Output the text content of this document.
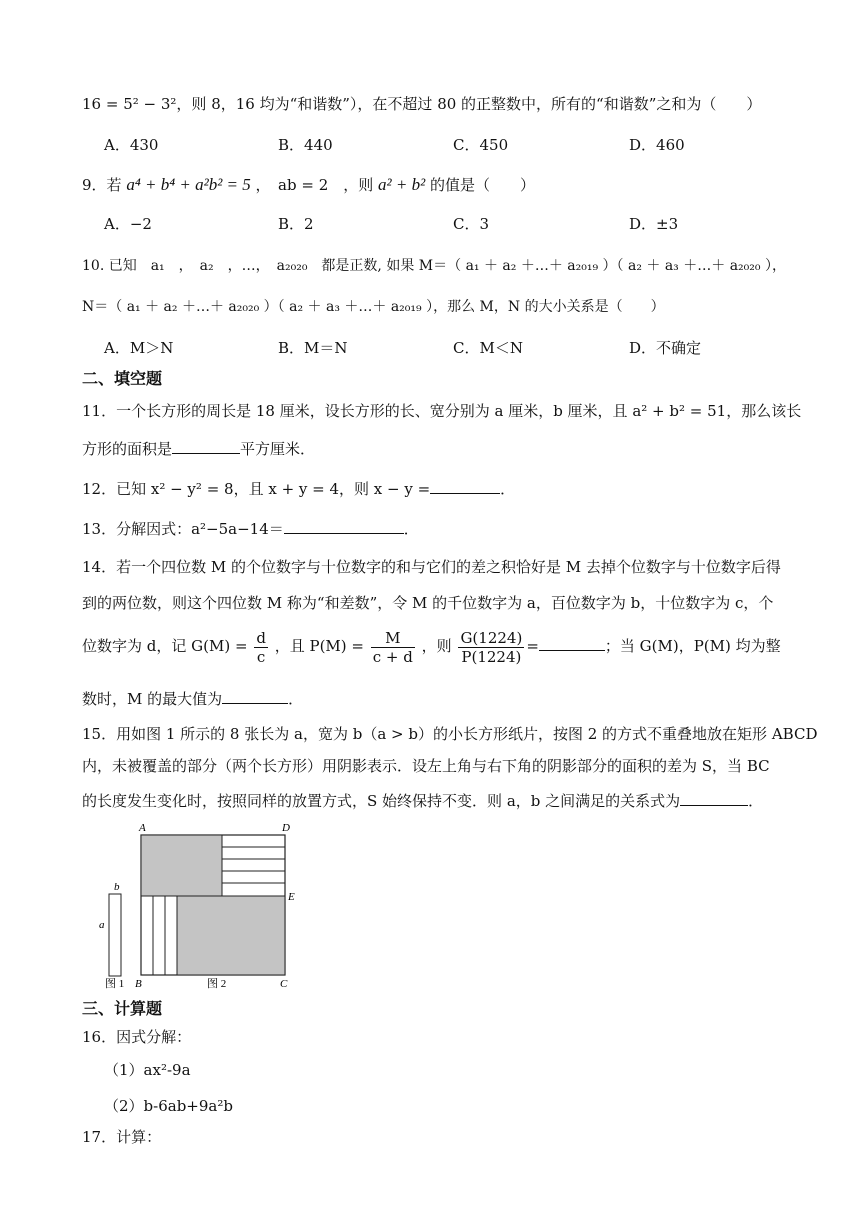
16 = 5² − 3²，则 8，16 均为“和谐数”），在不超过 80 的正整数中，所有的“和谐数”之和为（　　）
A．430	B．440	C．450	D．460
9．若 a⁴ + b⁴ + a²b² = 5 ，　ab = 2　，则 a² + b² 的值是（　　）
A．−2	B．2	C．3	D．±3
10. 已知　a₁　，　a₂　，…，　a₂₀₂₀　都是正数, 如果 M＝（ a₁ ＋ a₂ ＋…＋ a₂₀₁₉ ）（ a₂ ＋ a₃ ＋…＋ a₂₀₂₀ ），
N＝（ a₁ ＋ a₂ ＋…＋ a₂₀₂₀ ）（ a₂ ＋ a₃ ＋…＋ a₂₀₁₉ ），那么 M，N 的大小关系是（　　）
A．M＞N	B．M＝N	C．M＜N	D．不确定
二、填空题
11．一个长方形的周长是 18 厘米，设长方形的长、宽分别为 a 厘米，b 厘米，且 a² + b² = 51，那么该长
方形的面积是	平方厘米．
12．已知 x² − y² = 8，且 x + y = 4，则 x − y =	．
13．分解因式：a²−5a−14＝	．
14．若一个四位数 M 的个位数字与十位数字的和与它们的差之积恰好是 M 去掉个位数字与十位数字后得
到的两位数，则这个四位数 M 称为“和差数”，令 M 的千位数字为 a，百位数字为 b，十位数字为 c，个
位数字为 d，记 $G(M) = \frac{d}{c}$ ，且 $P(M) = \frac{M}{c + d}$ ，则 $\frac{G(1224)}{P(1224)}$ =	；当 G(M)，P(M) 均为整
数时，M 的最大值为	．
15．用如图 1 所示的 8 张长为 a，宽为 b（a > b）的小长方形纸片，按图 2 的方式不重叠地放在矩形 ABCD
内，未被覆盖的部分（两个长方形）用阴影表示．设左上角与右下角的阴影部分的面积的差为 S，当 BC
的长度发生变化时，按照同样的放置方式，S 始终保持不变．则 a，b 之间满足的关系式为	．
b
a
A	D
E
B	C
图 1	图 2
三、计算题
16．因式分解：
（1）ax²-9a
（2）b-6ab+9a²b
17．计算：
